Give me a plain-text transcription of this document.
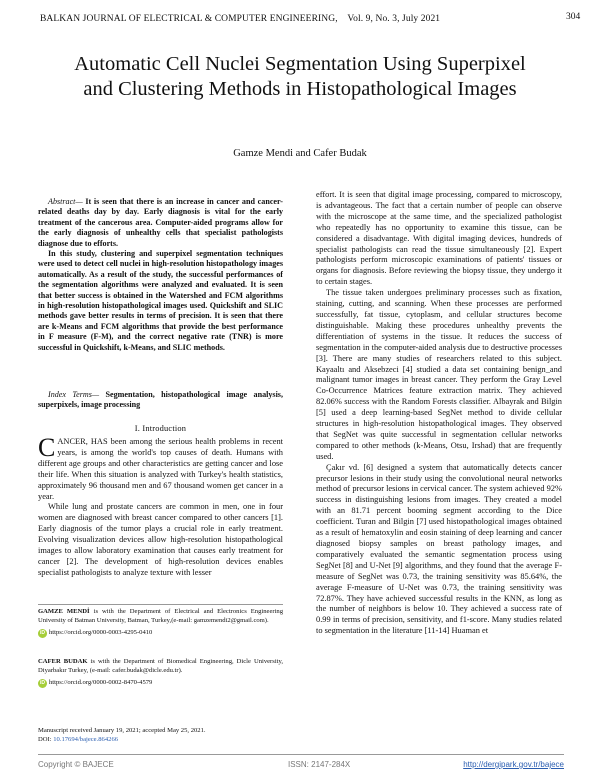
BALKAN JOURNAL OF ELECTRICAL & COMPUTER ENGINEERING, Vol. 9, No. 3, July 2021	304
Automatic Cell Nuclei Segmentation Using Superpixel and Clustering Methods in Histopathological Images
Gamze Mendi and Cafer Budak

Abstract— It is seen that there is an increase in cancer and cancer-related deaths day by day. Early diagnosis is vital for the early treatment of the cancerous area. Computer-aided programs allow for the early diagnosis of unhealthy cells that specialist pathologists diagnose due to efforts.

In this study, clustering and superpixel segmentation techniques were used to detect cell nuclei in high-resolution histopathology images automatically. As a result of the study, the successful performances of the segmentation algorithms were analyzed and evaluated. It is seen that better success is obtained in the Watershed and FCM algorithms in high-resolution histopathological images used. Quickshift and SLIC methods gave better results in terms of precision. It is seen that there are k-Means and FCM algorithms that provide the best performance in F measure (F-M), and the correct negative rate (TNR) is more successful in Quickshift, k-Means, and SLIC methods.

Index Terms— Segmentation, histopathological image analysis, superpixels, image processing
I. Introduction

CANCER, HAS been among the serious health problems in recent years, is among the world's top causes of death. Humans with different age groups and other characteristics are getting cancer and lose their life. When this situation is analyzed with Turkey's health statistics, approximately 96 thousand men and 67 thousand women get cancer in a year.

While lung and prostate cancers are common in men, one in four women are diagnosed with breast cancer compared to other cancers [1]. Early diagnosis of the tumor plays a crucial role in early treatment. Evolving visualization devices allow high-resolution histopathological images to allow laboratory examination that causes early treatment for cancer [2]. The development of high-resolution devices enables specialist pathologists to analyze texture with lesser

GAMZE MENDİ is with the Department of Electrical and Electronics Engineering University of Batman University, Batman, Turkey,(e-mail: gamzemendi2@gmail.com).
iD https://orcid.org/0000-0003-4295-0410
CAFER BUDAK is with the Department of Biomedical Engineering, Dicle University, Diyarbakır Turkey, (e-mail: cafer.budak@dicle.edu.tr).
iD https://orcid.org/0000-0002-8470-4579
Manuscript received January 19, 2021; accepted May 25, 2021.
DOI: 10.17694/bajece.864266

effort. It is seen that digital image processing, compared to microscopy, is advantageous. The fact that a certain number of people can observe with the microscope at the same time, and the specialized pathologist who repeatedly has no opportunity to examine this tissue, can be considered a disadvantage. With digital imaging devices, hundreds of specialist pathologists can read the tissue simultaneously [2]. Expert pathologists perform microscopic examinations of patients' tissues or organs for diagnosis. Before reviewing the biopsy tissue, they undergo it to certain stages.

The tissue taken undergoes preliminary processes such as fixation, staining, cutting, and scanning. When these processes are performed successfully, fat tissue, cytoplasm, and cellular structures become distinguishable. Making these procedures unhealthy prevents the differentiation of systems in the tissue. It reduces the success of segmentation in the computer-aided analysis due to destructive processes [3]. There are many studies of researchers related to this subject. Kayaaltı and Aksebzeci [4] studied a data set containing benign_and malignant tumor images in breast cancer. They perform the Gray Level Co-Occurrence Matrices feature extraction matrix. They achieved 82.06% success with the Random Forests classifier. Albayrak and Bilgin [5] used a deep learning-based SegNet method to divide cellular structures in high-resolution histopathological images. They observed that SegNet was quite successful in segmentation cellular networks compared to other methods (k-Means, Otsu, Irshad) that are frequently used.

Çakır vd. [6] designed a system that automatically detects cancer precursor lesions in their study using the convolutional neural networks method of precursor lesions in cervical cancer. The system achieved 92% success in distinguishing lesions from images. They created a model with an 81.71 percent booming segment according to the Dice coefficient. Turan and Bilgin [7] used histopathological images obtained as a result of hematoxylin and eosin staining of deep learning and cancer diagnosed biopsy samples on breast pathology images, and comparatively evaluated the semantic segmentation process using SegNet [8] and U-Net [9] algorithms, and they found that the average F-measure of SegNet was 0.73, the training sensitivity was 85.64%, the average F-measure of U-Net was 0.73, the training sensitivity was 72.87%. They have achieved successful results in the KNN, as long as the number of neighbors is below 10. They achieved a success rate of 0.99 in terms of precision, sensitivity, and f1-score. Many studies related to segmentation in the literature [11-14] Huaman et

Copyright © BAJECE	ISSN: 2147-284X	http://dergipark.gov.tr/bajece
